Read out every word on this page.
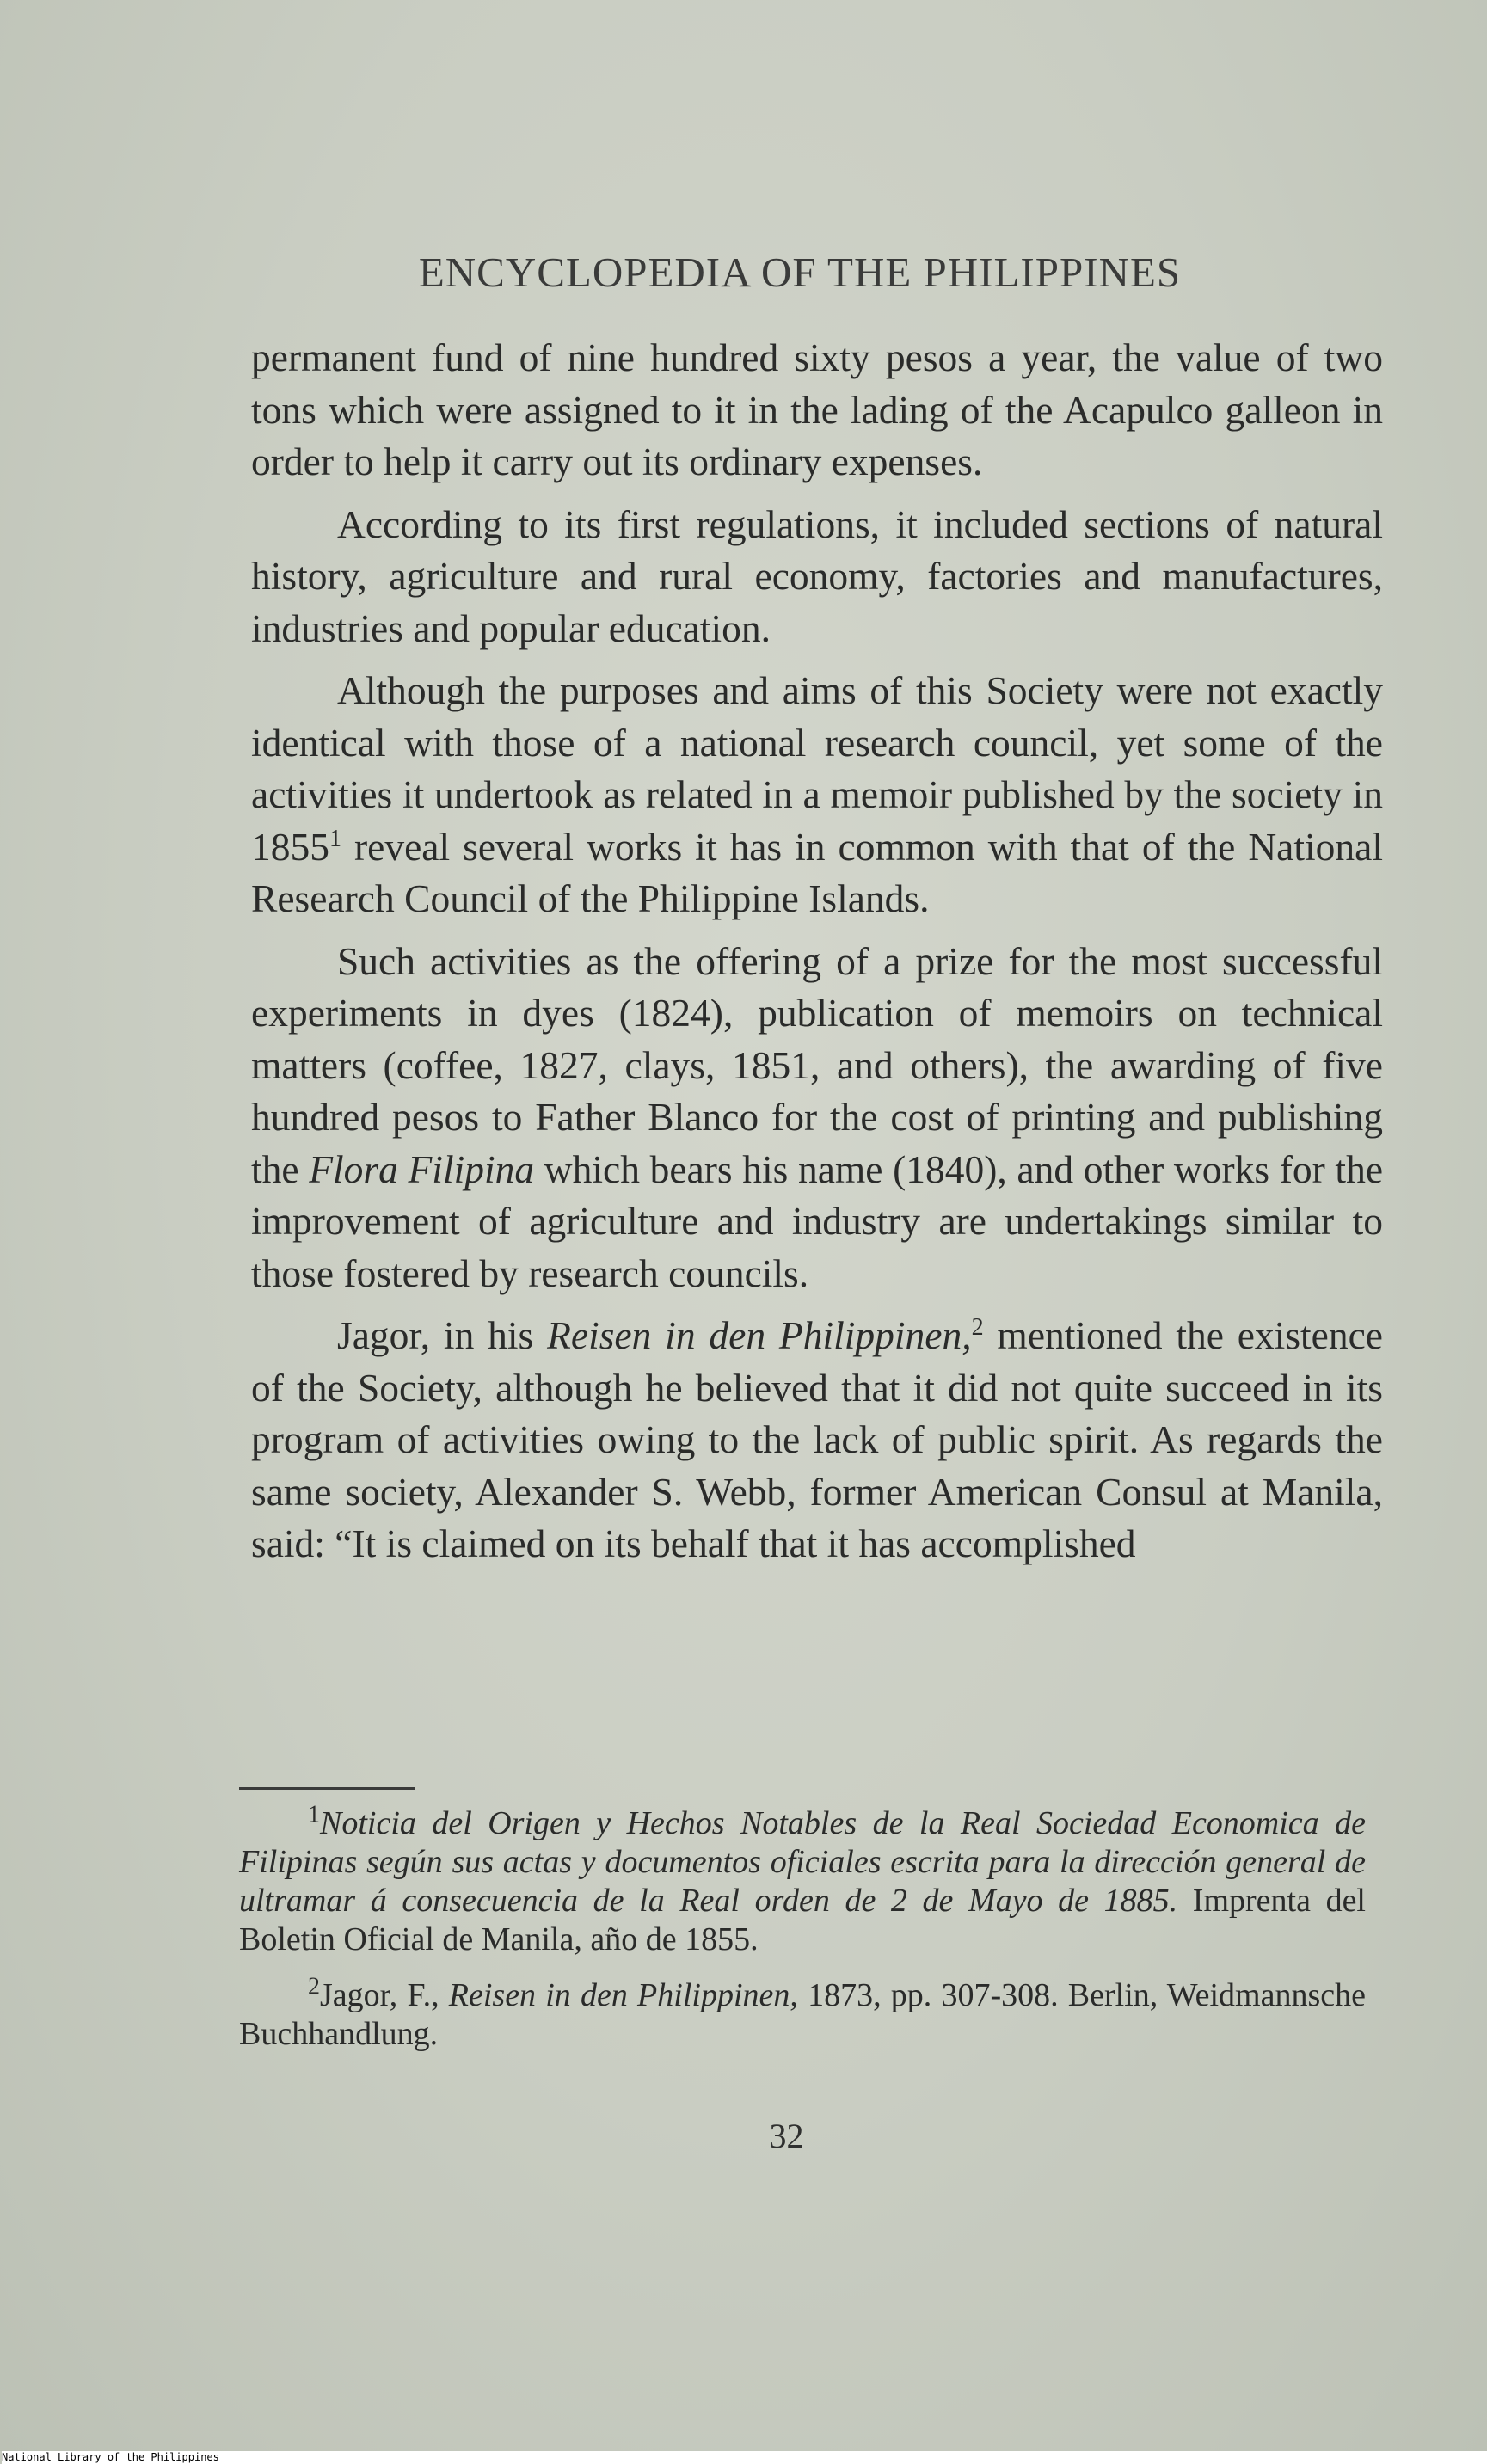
ENCYCLOPEDIA OF THE PHILIPPINES

permanent fund of nine hundred sixty pesos a year, the value of two tons which were assigned to it in the lading of the Acapulco galleon in order to help it carry out its ordinary expenses.

According to its first regulations, it included sections of natural history, agriculture and rural economy, factories and manufactures, industries and popular education.

Although the purposes and aims of this Society were not exactly identical with those of a national research council, yet some of the activities it undertook as related in a memoir published by the society in 1855$^1$ reveal several works it has in common with that of the National Research Council of the Philippine Islands.

Such activities as the offering of a prize for the most successful experiments in dyes (1824), publication of memoirs on technical matters (coffee, 1827, clays, 1851, and others), the awarding of five hundred pesos to Father Blanco for the cost of printing and publishing the Flora Filipina which bears his name (1840), and other works for the improvement of agriculture and industry are undertakings similar to those fostered by research councils.

Jagor, in his Reisen in den Philippinen,$^2$ mentioned the existence of the Society, although he believed that it did not quite succeed in its program of activities owing to the lack of public spirit. As regards the same society, Alexander S. Webb, former American Consul at Manila, said: “It is claimed on its behalf that it has accomplished

$^1$Noticia del Origen y Hechos Notables de la Real Sociedad Economica de Filipinas según sus actas y documentos oficiales escrita para la dirección general de ultramar á consecuencia de la Real orden de 2 de Mayo de 1885. Imprenta del Boletin Oficial de Manila, año de 1855.

$^2$Jagor, F., Reisen in den Philippinen, 1873, pp. 307-308. Berlin, Weidmannsche Buchhandlung.

32
National Library of the Philippines
